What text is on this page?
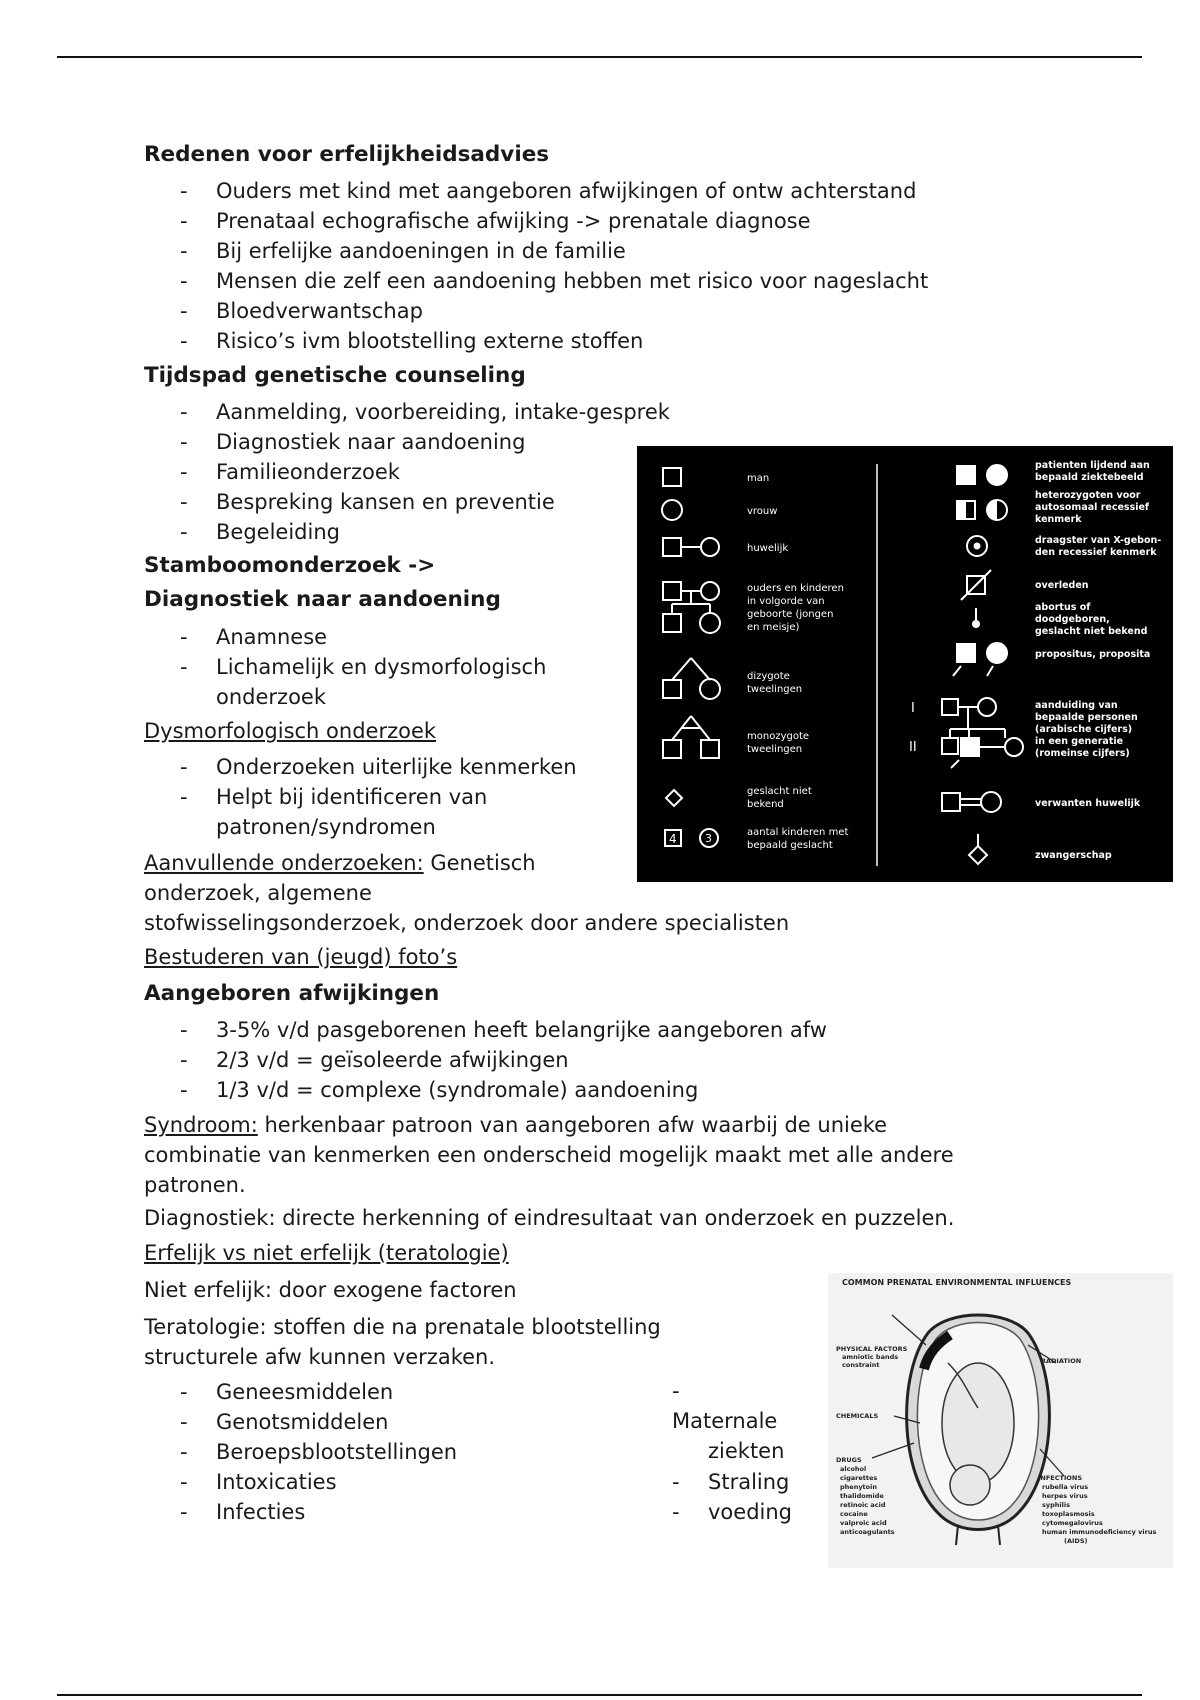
Redenen voor erfelijkheidsadvies

- Ouders met kind met aangeboren afwijkingen of ontw achterstand
- Prenataal echografische afwijking -> prenatale diagnose
- Bij erfelijke aandoeningen in de familie
- Mensen die zelf een aandoening hebben met risico voor nageslacht
- Bloedverwantschap
- Risico’s ivm blootstelling externe stoffen

Tijdspad genetische counseling

- Aanmelding, voorbereiding, intake-gesprek
- Diagnostiek naar aandoening
- Familieonderzoek
- Bespreking kansen en preventie
- Begeleiding

Stamboomonderzoek ->

Diagnostiek naar aandoening

- Anamnese
- Lichamelijk en dysmorfologisch
onderzoek

Dysmorfologisch onderzoek

- Onderzoeken uiterlijke kenmerken
- Helpt bij identificeren van
patronen/syndromen
Aanvullende onderzoeken: Genetisch
onderzoek, algemene
stofwisselingsonderzoek, onderzoek door andere specialisten

Bestuderen van (jeugd) foto’s

Aangeboren afwijkingen

- 3-5% v/d pasgeborenen heeft belangrijke aangeboren afw
- 2/3 v/d = geïsoleerde afwijkingen
- 1/3 v/d = complexe (syndromale) aandoening
Syndroom: herkenbaar patroon van aangeboren afw waarbij de unieke
combinatie van kenmerken een onderscheid mogelijk maakt met alle andere
patronen.

Diagnostiek: directe herkenning of eindresultaat van onderzoek en puzzelen.

Erfelijk vs niet erfelijk (teratologie)

Niet erfelijk: door exogene factoren

Teratologie: stoffen die na prenatale blootstelling
structurele afw kunnen verzaken.
- Geneesmiddelen
- Genotsmiddelen
- Beroepsblootstellingen
- Intoxicaties
- Infecties

-

Maternale

ziekten

- Straling
- voeding
man
vrouw
huwelijk
ouders en kinderen
in volgorde van
geboorte (jongen
en meisje)
dizygote
tweelingen
monozygote
tweelingen
geslacht niet
bekend
aantal kinderen met
bepaald geslacht
4	3
I
II
patienten lijdend aan
bepaald ziektebeeld
heterozygoten voor
autosomaal recessief
kenmerk
draagster van X-gebon-
den recessief kenmerk
overleden
abortus of
doodgeboren,
geslacht niet bekend
propositus, proposita
aanduiding van
bepaalde personen
(arabische cijfers)
in een generatie
(romeinse cijfers)
verwanten huwelijk
zwangerschap
COMMON PRENATAL ENVIRONMENTAL INFLUENCES
PHYSICAL FACTORS
amniotic bands
constraint	RADIATION
CHEMICALS
DRUGS
alcohol
cigarettes
phenytoin
thalidomide
retinoic acid
cocaine
valproic acid
anticoagulants
INFECTIONS
rubella virus
herpes virus
syphilis
toxoplasmosis
cytomegalovirus
human immunodeficiency virus
(AIDS)
